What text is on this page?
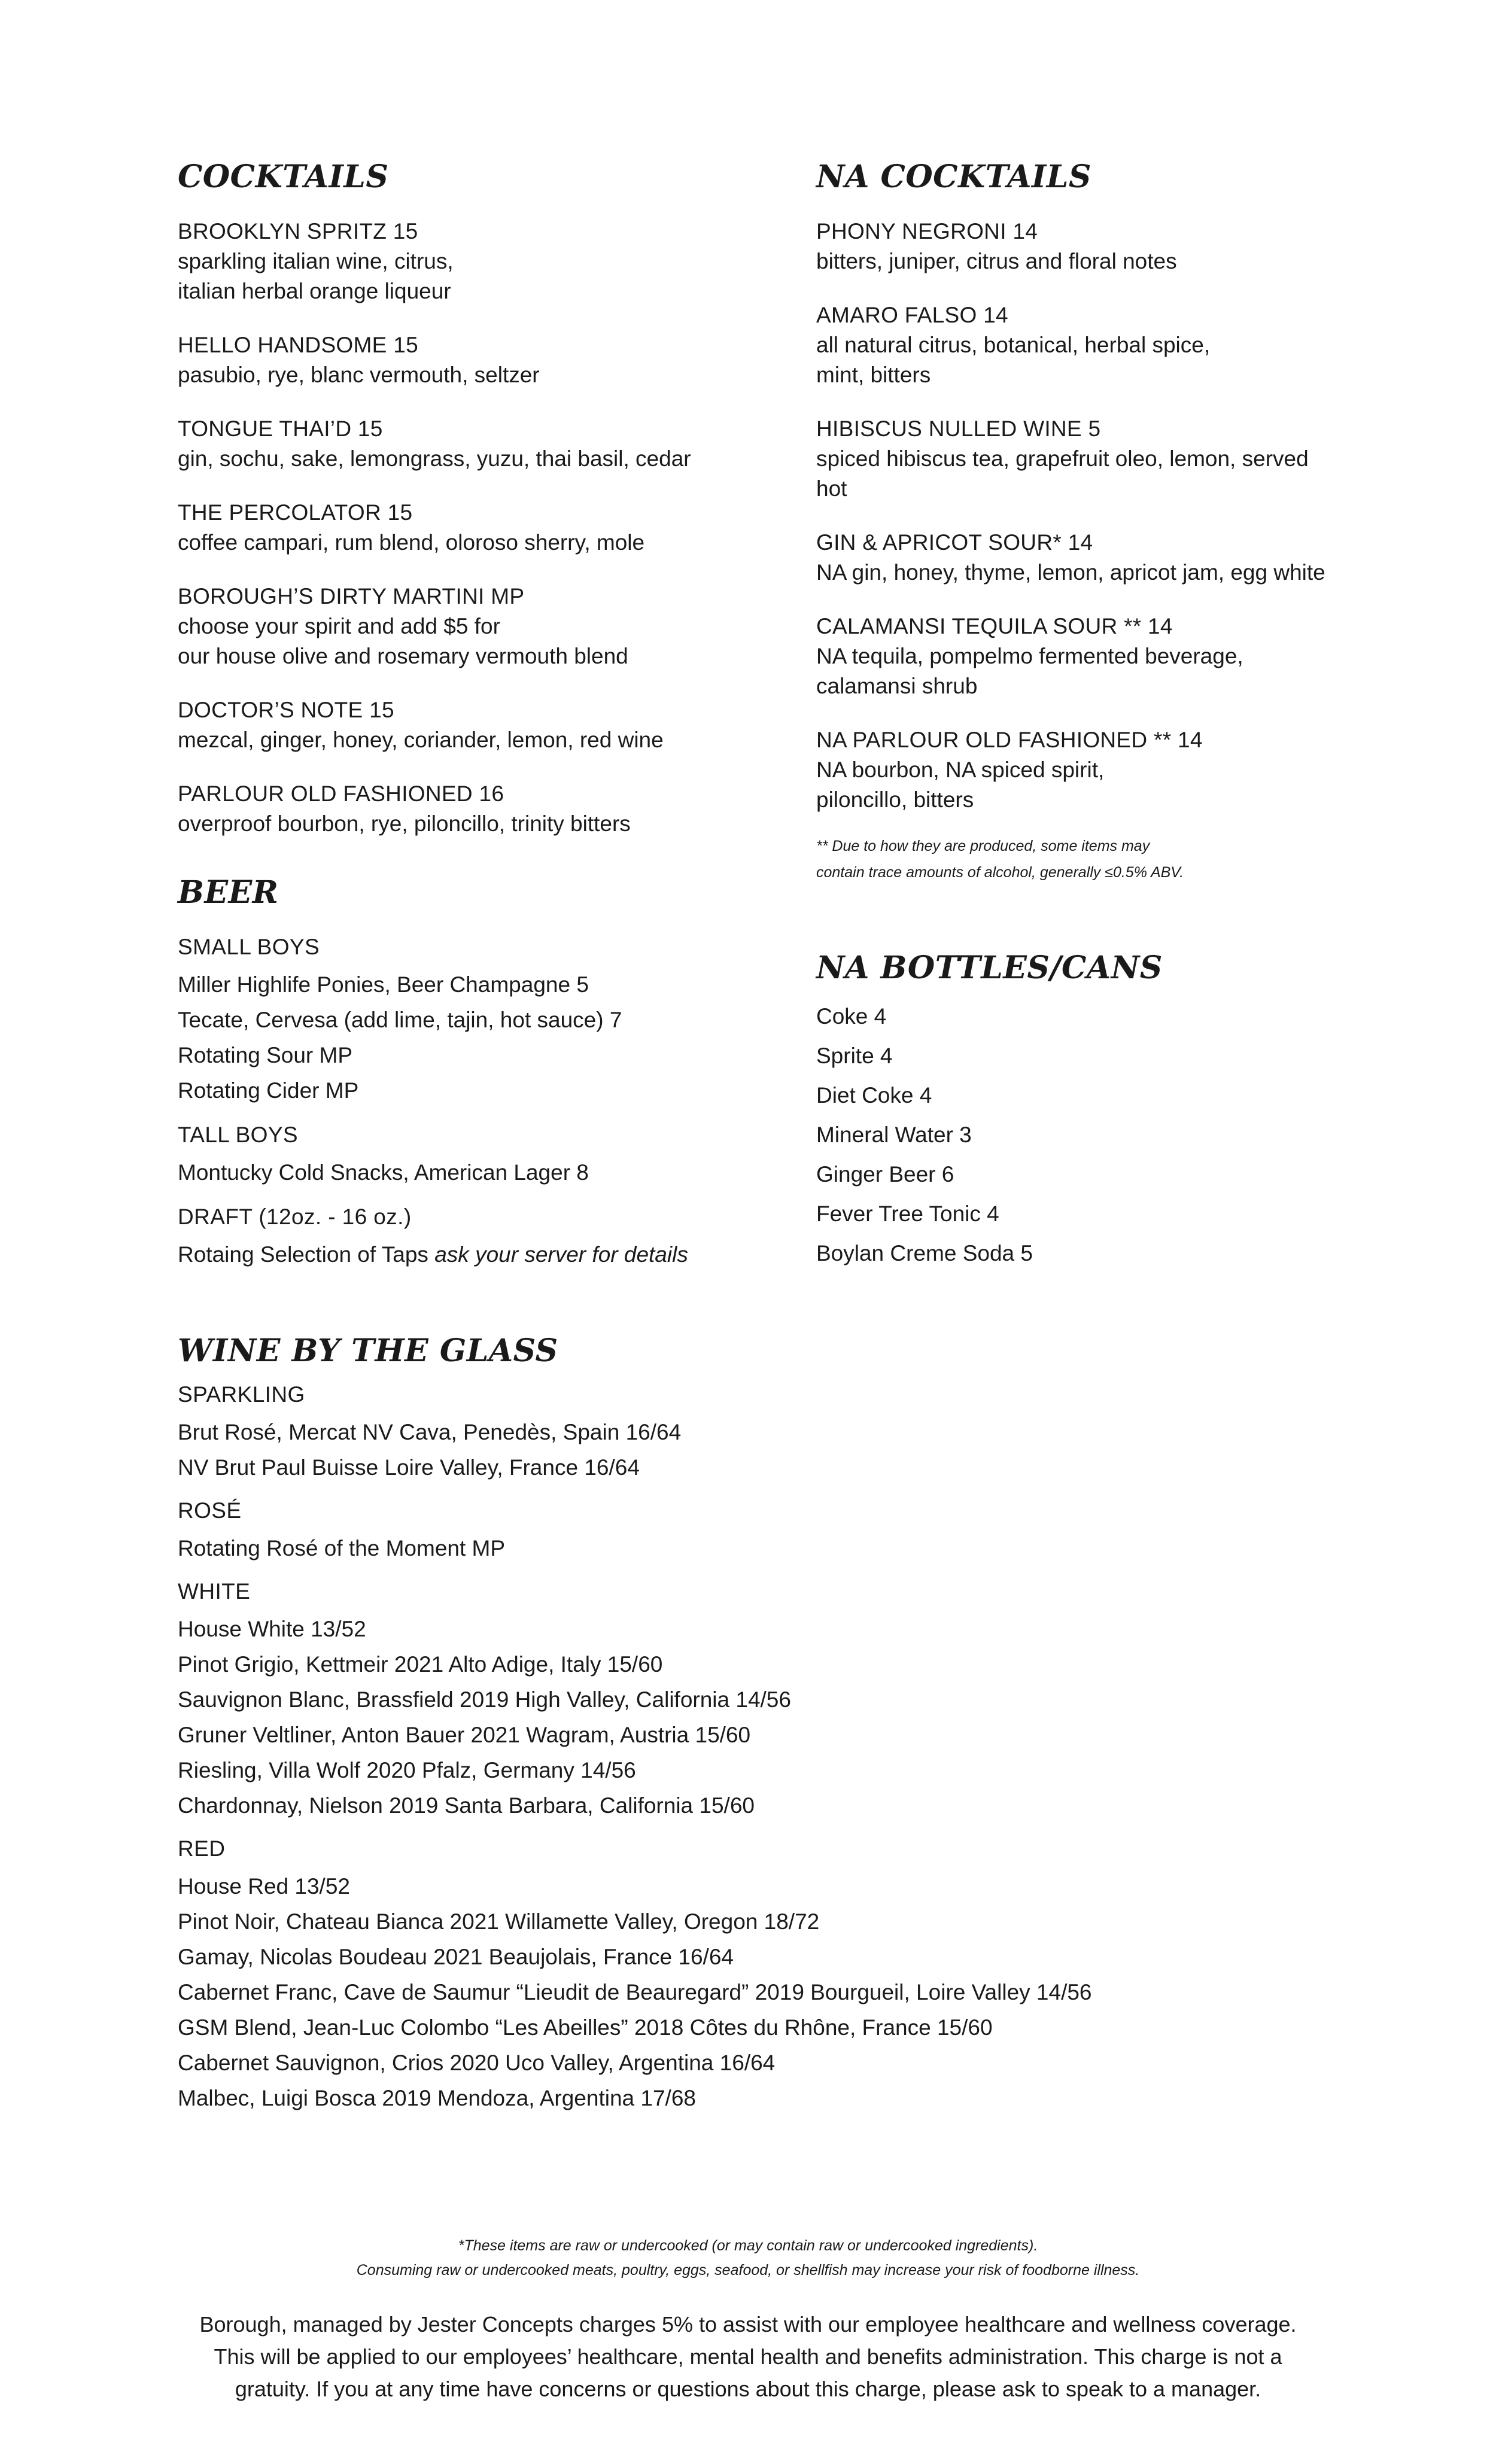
COCKTAILS
BROOKLYN SPRITZ 15
sparkling italian wine, citrus,
italian herbal orange liqueur
HELLO HANDSOME 15
pasubio, rye, blanc vermouth, seltzer
TONGUE THAI’D 15
gin, sochu, sake, lemongrass, yuzu, thai basil, cedar
THE PERCOLATOR 15
coffee campari, rum blend, oloroso sherry, mole
BOROUGH’S DIRTY MARTINI MP
choose your spirit and add $5 for
our house olive and rosemary vermouth blend
DOCTOR’S NOTE 15
mezcal, ginger, honey, coriander, lemon, red wine
PARLOUR OLD FASHIONED 16
overproof bourbon, rye, piloncillo, trinity bitters
BEER
SMALL BOYS
Miller Highlife Ponies, Beer Champagne 5
Tecate, Cervesa (add lime, tajin, hot sauce) 7
Rotating Sour MP
Rotating Cider MP
TALL BOYS
Montucky Cold Snacks, American Lager 8
DRAFT (12oz. - 16 oz.)
Rotaing Selection of Taps ask your server for details
NA COCKTAILS
PHONY NEGRONI 14
bitters, juniper, citrus and floral notes
AMARO FALSO 14
all natural citrus, botanical, herbal spice,
mint, bitters
HIBISCUS NULLED WINE 5
spiced hibiscus tea, grapefruit oleo, lemon, served
hot
GIN & APRICOT SOUR* 14
NA gin, honey, thyme, lemon, apricot jam, egg white
CALAMANSI TEQUILA SOUR ** 14
NA tequila, pompelmo fermented beverage,
calamansi shrub
NA PARLOUR OLD FASHIONED ** 14
NA bourbon, NA spiced spirit,
piloncillo, bitters
** Due to how they are produced, some items may
contain trace amounts of alcohol, generally ≤0.5% ABV.
NA BOTTLES/CANS
Coke 4
Sprite 4
Diet Coke 4
Mineral Water 3
Ginger Beer 6
Fever Tree Tonic 4
Boylan Creme Soda 5
WINE BY THE GLASS
SPARKLING
Brut Rosé, Mercat NV Cava, Penedès, Spain 16/64
NV Brut Paul Buisse Loire Valley, France 16/64
ROSÉ
Rotating Rosé of the Moment MP
WHITE
House White 13/52
Pinot Grigio, Kettmeir 2021 Alto Adige, Italy 15/60
Sauvignon Blanc, Brassfield 2019 High Valley, California 14/56
Gruner Veltliner, Anton Bauer 2021 Wagram, Austria 15/60
Riesling, Villa Wolf 2020 Pfalz, Germany 14/56
Chardonnay, Nielson 2019 Santa Barbara, California 15/60
RED
House Red 13/52
Pinot Noir, Chateau Bianca 2021 Willamette Valley, Oregon 18/72
Gamay, Nicolas Boudeau 2021 Beaujolais, France 16/64
Cabernet Franc, Cave de Saumur “Lieudit de Beauregard” 2019 Bourgueil, Loire Valley 14/56
GSM Blend, Jean-Luc Colombo “Les Abeilles” 2018 Côtes du Rhône, France 15/60
Cabernet Sauvignon, Crios 2020 Uco Valley, Argentina 16/64
Malbec, Luigi Bosca 2019 Mendoza, Argentina 17/68
*These items are raw or undercooked (or may contain raw or undercooked ingredients).
Consuming raw or undercooked meats, poultry, eggs, seafood, or shellfish may increase your risk of foodborne illness.
Borough, managed by Jester Concepts charges 5% to assist with our employee healthcare and wellness coverage.
This will be applied to our employees’ healthcare, mental health and benefits administration. This charge is not a
gratuity. If you at any time have concerns or questions about this charge, please ask to speak to a manager.
